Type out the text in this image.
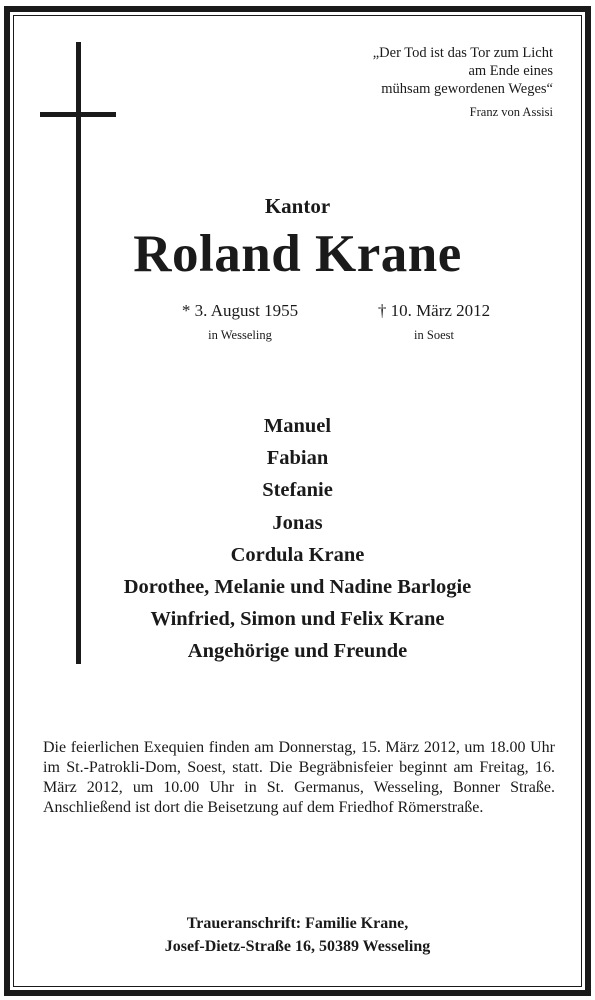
„Der Tod ist das Tor zum Licht
am Ende eines
mühsam gewordenen Weges“
Franz von Assisi
Kantor
Roland Krane
* 3. August 1955
in Wesseling
† 10. März 2012
in Soest
Manuel
Fabian
Stefanie
Jonas
Cordula Krane
Dorothee, Melanie und Nadine Barlogie
Winfried, Simon und Felix Krane
Angehörige und Freunde
Die feierlichen Exequien finden am Donnerstag, 15. März 2012, um 18.00 Uhr im St.-Patrokli-Dom, Soest, statt. Die Begräbnisfeier beginnt am Freitag, 16. März 2012, um 10.00 Uhr in St. Germanus, Wesseling, Bonner Straße. Anschließend ist dort die Beisetzung auf dem Friedhof Römerstraße.
Traueranschrift: Familie Krane,
Josef-Dietz-Straße 16, 50389 Wesseling
